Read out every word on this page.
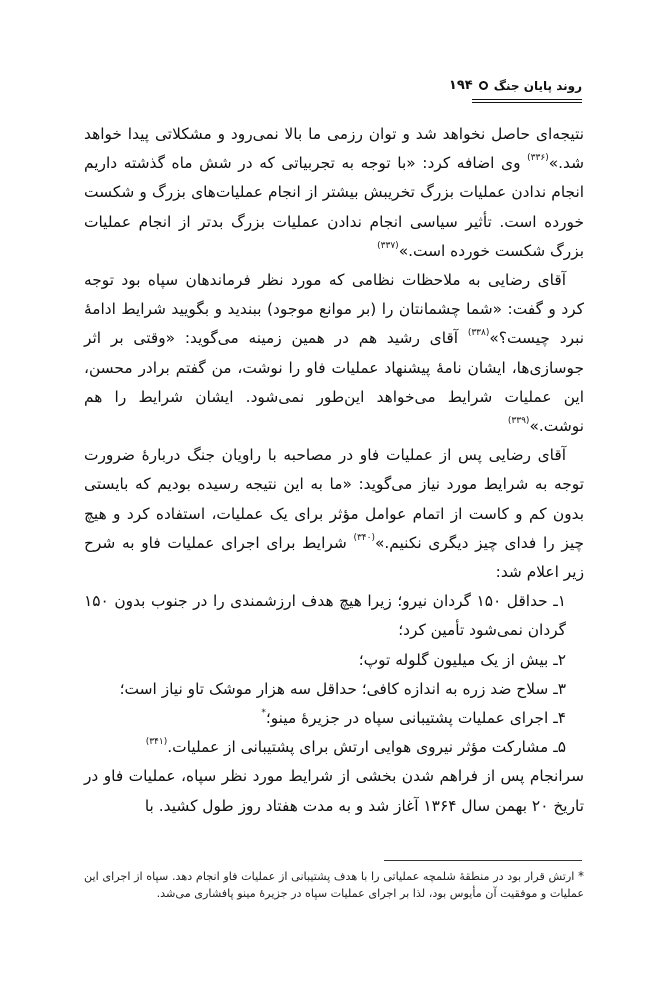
۱۹۴ روند پایان جنگ

نتیجه‌ای حاصل نخواهد شد و توان رزمی ما بالا نمی‌رود و مشکلاتی پیدا خواهد شد.»$^{(۳۳۶)}$ وی اضافه کرد: «با توجه به تجربیاتی که در شش ماه گذشته داریم انجام ندادن عملیات بزرگ تخریبش بیشتر از انجام عملیات‌های بزرگ و شکست خورده است. تأثیر سیاسی انجام ندادن عملیات بزرگ بدتر از انجام عملیات بزرگ شکست خورده است.»$^{(۳۳۷)}$

آقای رضایی به ملاحظات نظامی که مورد نظر فرماندهان سپاه بود توجه کرد و گفت: «شما چشمانتان را (بر موانع موجود) ببندید و بگویید شرایط ادامهٔ نبرد چیست؟»$^{(۳۳۸)}$ آقای رشید هم در همین زمینه می‌گوید: «وقتی بر اثر جوسازی‌ها، ایشان نامهٔ پیشنهاد عملیات فاو را نوشت، من گفتم برادر محسن، این عملیات شرایط می‌خواهد این‌طور نمی‌شود. ایشان شرایط را هم نوشت.»$^{(۳۳۹)}$

آقای رضایی پس از عملیات فاو در مصاحبه با راویان جنگ دربارهٔ ضرورت توجه به شرایط مورد نیاز می‌گوید: «ما به این نتیجه رسیده بودیم که بایستی بدون کم و کاست از اتمام عوامل مؤثر برای یک عملیات، استفاده کرد و هیچ چیز را فدای چیز دیگری نکنیم.»$^{(۳۴۰)}$ شرایط برای اجرای عملیات فاو به شرح زیر اعلام شد:

۱ـ حداقل ۱۵۰ گردان نیرو؛ زیرا هیچ هدف ارزشمندی را در جنوب بدون ۱۵۰ گردان نمی‌شود تأمین کرد؛

۲ـ بیش از یک میلیون گلوله توپ؛

۳ـ سلاح ضد زره به اندازه کافی؛ حداقل سه هزار موشک تاو نیاز است؛

۴ـ اجرای عملیات پشتیبانی سپاه در جزیرهٔ مینو؛*

۵ـ مشارکت مؤثر نیروی هوایی ارتش برای پشتیبانی از عملیات.$^{(۳۴۱)}$

سرانجام پس از فراهم شدن بخشی از شرایط مورد نظر سپاه، عملیات فاو در تاریخ ۲۰ بهمن سال ۱۳۶۴ آغاز شد و به مدت هفتاد روز طول کشید. با

* ارتش قرار بود در منطقهٔ شلمچه عملیاتی را با هدف پشتیبانی از عملیات فاو انجام دهد. سپاه از اجرای این عملیات و موفقیت آن مأیوس بود، لذا بر اجرای عملیات سپاه در جزیرهٔ مینو پافشاری می‌شد.
